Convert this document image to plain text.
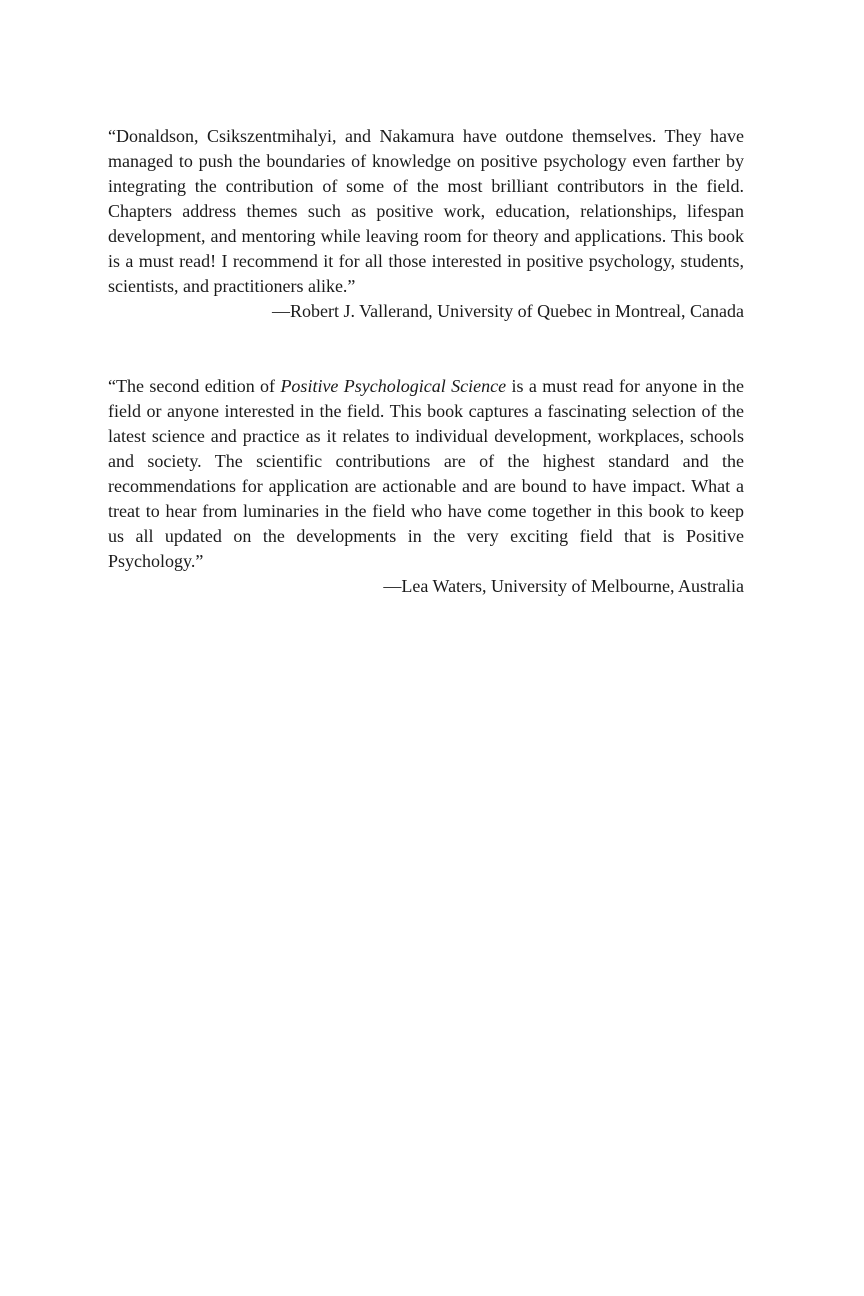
“Donaldson, Csikszentmihalyi, and Nakamura have outdone themselves. They have managed to push the boundaries of knowledge on positive psychology even farther by integrating the contribution of some of the most brilliant contributors in the field. Chapters address themes such as positive work, education, relationships, lifespan development, and mentoring while leaving room for theory and applications. This book is a must read! I recommend it for all those interested in positive psychology, students, scientists, and practitioners alike.”
—Robert J. Vallerand, University of Quebec in Montreal, Canada
“The second edition of Positive Psychological Science is a must read for anyone in the field or anyone interested in the field. This book captures a fascinating selection of the latest science and practice as it relates to individual development, workplaces, schools and society. The scientific contributions are of the highest standard and the recommendations for application are actionable and are bound to have impact. What a treat to hear from luminaries in the field who have come together in this book to keep us all updated on the developments in the very exciting field that is Positive Psychology.”
—Lea Waters, University of Melbourne, Australia
